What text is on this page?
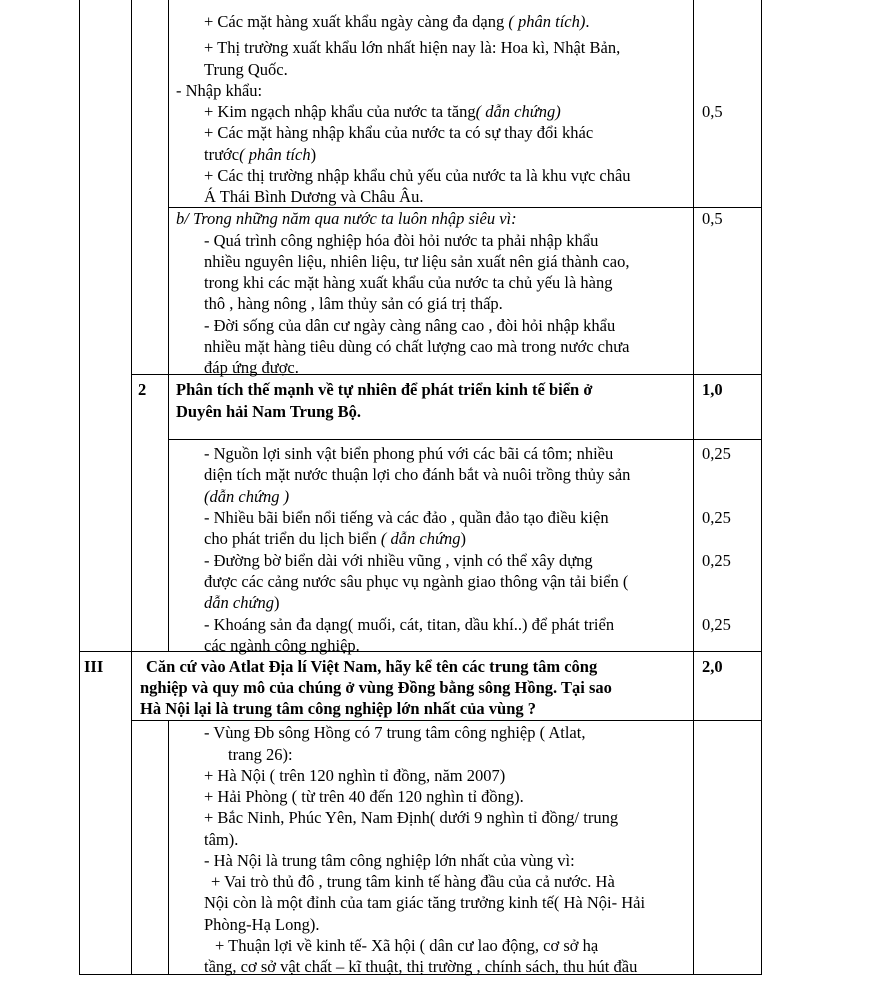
+ Các mặt hàng xuất khẩu ngày càng đa dạng ( phân tích).
+ Thị trường xuất khẩu lớn nhất hiện nay là: Hoa kì, Nhật Bản,
Trung Quốc.
- Nhập khẩu:
+ Kim ngạch nhập khẩu của nước ta tăng( dẫn chứng)
+ Các mặt hàng nhập khẩu của nước ta có sự thay đổi khác
trước( phân tích)
+ Các thị trường nhập khẩu chủ yếu của nước ta là khu vực châu
Á Thái Bình Dương và Châu Âu.
0,5
b/ Trong những năm qua nước ta luôn nhập siêu vì:	0,5
- Quá trình công nghiệp hóa đòi hỏi nước ta phải nhập khẩu
nhiều nguyên liệu, nhiên liệu, tư liệu sản xuất nên giá thành cao,
trong khi các mặt hàng xuất khẩu của nước ta chủ yếu là hàng
thô , hàng nông , lâm thủy sản có giá trị thấp.
- Đời sống của dân cư ngày càng nâng cao , đòi hỏi nhập khẩu
nhiều mặt hàng tiêu dùng có chất lượng cao mà trong nước chưa
đáp ứng được.
2 Phân tích thế mạnh về tự nhiên để phát triển kinh tế biển ở
Duyên hải Nam Trung Bộ.
1,0
- Nguồn lợi sinh vật biển phong phú với các bãi cá tôm; nhiều
diện tích mặt nước thuận lợi cho đánh bắt và nuôi trồng thủy sản
(dẫn chứng )
0,25
- Nhiều bãi biển nổi tiếng và các đảo , quần đảo tạo điều kiện
cho phát triển du lịch biển ( dẫn chứng)
0,25
- Đường bờ biển dài với nhiều vũng , vịnh có thể xây dựng
được các cảng nước sâu phục vụ ngành giao thông vận tải biển (
dẫn chứng)
0,25
- Khoáng sản đa dạng( muối, cát, titan, dầu khí..) để phát triển
các ngành công nghiệp.
0,25
III	Căn cứ vào Atlat Địa lí Việt Nam, hãy kể tên các trung tâm công
nghiệp và quy mô của chúng ở vùng Đồng bằng sông Hồng. Tại sao
Hà Nội lại là trung tâm công nghiệp lớn nhất của vùng ?
2,0
- Vùng Đb sông Hồng có 7 trung tâm công nghiệp ( Atlat,
trang 26):
+ Hà Nội ( trên 120 nghìn tỉ đồng, năm 2007)
+ Hải Phòng ( từ trên 40 đến 120 nghìn tỉ đồng).
+ Bắc Ninh, Phúc Yên, Nam Định( dưới 9 nghìn tỉ đồng/ trung
tâm).
- Hà Nội là trung tâm công nghiệp lớn nhất của vùng vì:
+ Vai trò thủ đô , trung tâm kinh tế hàng đầu của cả nước. Hà
Nội còn là một đỉnh của tam giác tăng trưởng kinh tế( Hà Nội- Hải
Phòng-Hạ Long).
+ Thuận lợi về kinh tế- Xã hội ( dân cư lao động, cơ sở hạ
tầng, cơ sở vật chất – kĩ thuật, thị trường , chính sách, thu hút đầu
